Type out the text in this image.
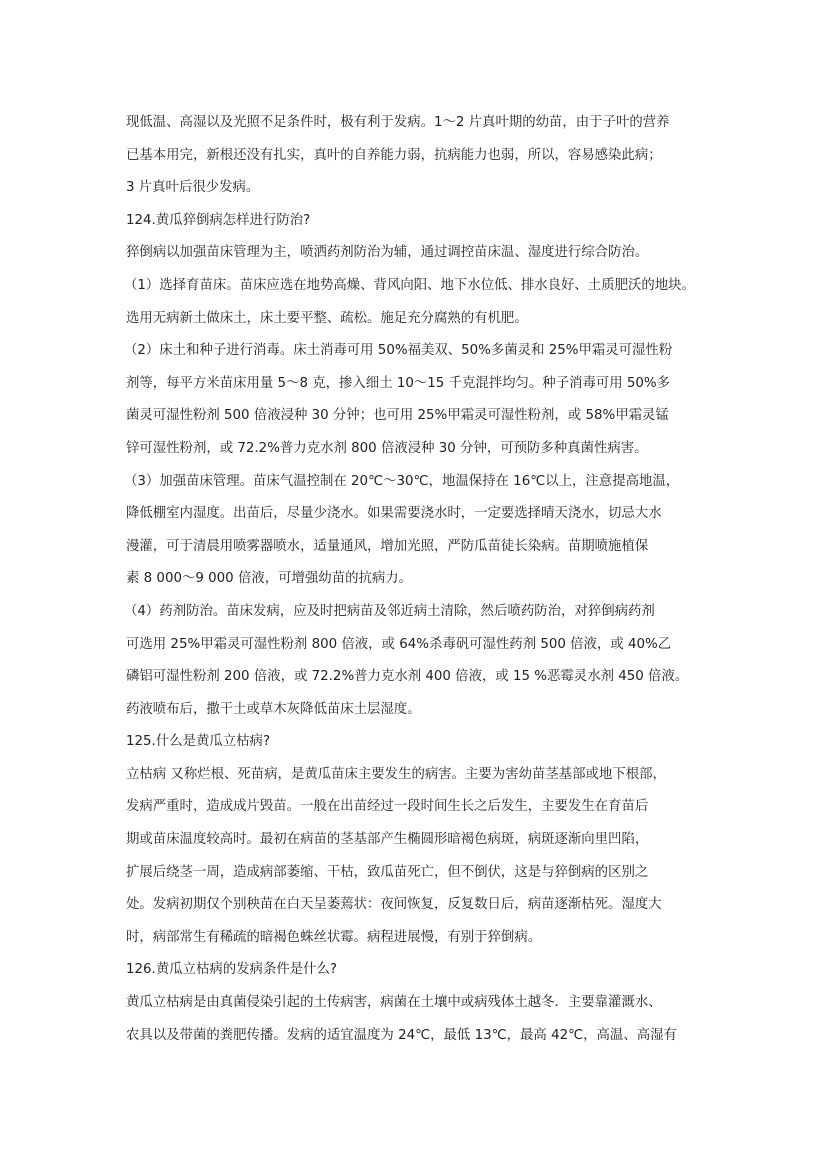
现低温、高湿以及光照不足条件时，极有利于发病。1～2 片真叶期的幼苗，由于子叶的营养
已基本用完，新根还没有扎实，真叶的自养能力弱，抗病能力也弱，所以，容易感染此病；
3 片真叶后很少发病。
124.黄瓜猝倒病怎样进行防治?
猝倒病以加强苗床管理为主，喷洒药剂防治为辅，通过调控苗床温、湿度进行综合防治。
（1）选择育苗床。苗床应选在地势高燥、背风向阳、地下水位低、排水良好、土质肥沃的地块。
选用无病新土做床土，床土要平整、疏松。施足充分腐熟的有机肥。
（2）床土和种子进行消毒。床土消毒可用 50%福美双、50%多菌灵和 25%甲霜灵可湿性粉
剂等，每平方米苗床用量 5～8 克，掺入细土 10～15 千克混拌均匀。种子消毒可用 50%多
菌灵可湿性粉剂 500 倍液浸种 30 分钟；也可用 25%甲霜灵可湿性粉剂，或 58%甲霜灵锰
锌可湿性粉剂，或 72.2%普力克水剂 800 倍液浸种 30 分钟，可预防多种真菌性病害。
（3）加强苗床管理。苗床气温控制在 20℃～30℃，地温保持在 16℃以上，注意提高地温，
降低棚室内湿度。出苗后，尽量少浇水。如果需要浇水时，一定要选择晴天浇水，切忌大水
漫灌，可于清晨用喷雾器喷水，适量通风，增加光照，严防瓜苗徒长染病。苗期喷施植保
素 8 000～9 000 倍液，可增强幼苗的抗病力。
（4）药剂防治。苗床发病，应及时把病苗及邻近病土清除，然后喷药防治，对猝倒病药剂
可选用 25%甲霜灵可湿性粉剂 800 倍液，或 64%杀毒矾可湿性药剂 500 倍液，或 40%乙
磷铝可湿性粉剂 200 倍液，或 72.2%普力克水剂 400 倍液，或 15 %恶霉灵水剂 450 倍液。
药液喷布后，撒干土或草木灰降低苗床土层湿度。
125.什么是黄瓜立枯病?
立枯病 又称烂根、死苗病，是黄瓜苗床主要发生的病害。主要为害幼苗茎基部或地下根部，
发病严重时，造成成片毁苗。一般在出苗经过一段时间生长之后发生，主要发生在育苗后
期或苗床温度较高时。最初在病苗的茎基部产生椭圆形暗褐色病斑，病斑逐渐向里凹陷，
扩展后绕茎一周，造成病部萎缩、干枯，致瓜苗死亡，但不倒伏，这是与猝倒病的区别之
处。发病初期仅个别秧苗在白天呈萎蔫状：夜间恢复，反复数日后，病苗逐渐枯死。湿度大
时，病部常生有稀疏的暗褐色蛛丝状霉。病程进展慢，有别于猝倒病。
126.黄瓜立枯病的发病条件是什么?
黄瓜立枯病是由真菌侵染引起的土传病害，病菌在土壤中或病残体土越冬．主要靠灌溉水、
农具以及带菌的粪肥传播。发病的适宜温度为 24℃，最低 13℃，最高 42℃，高温、高湿有
